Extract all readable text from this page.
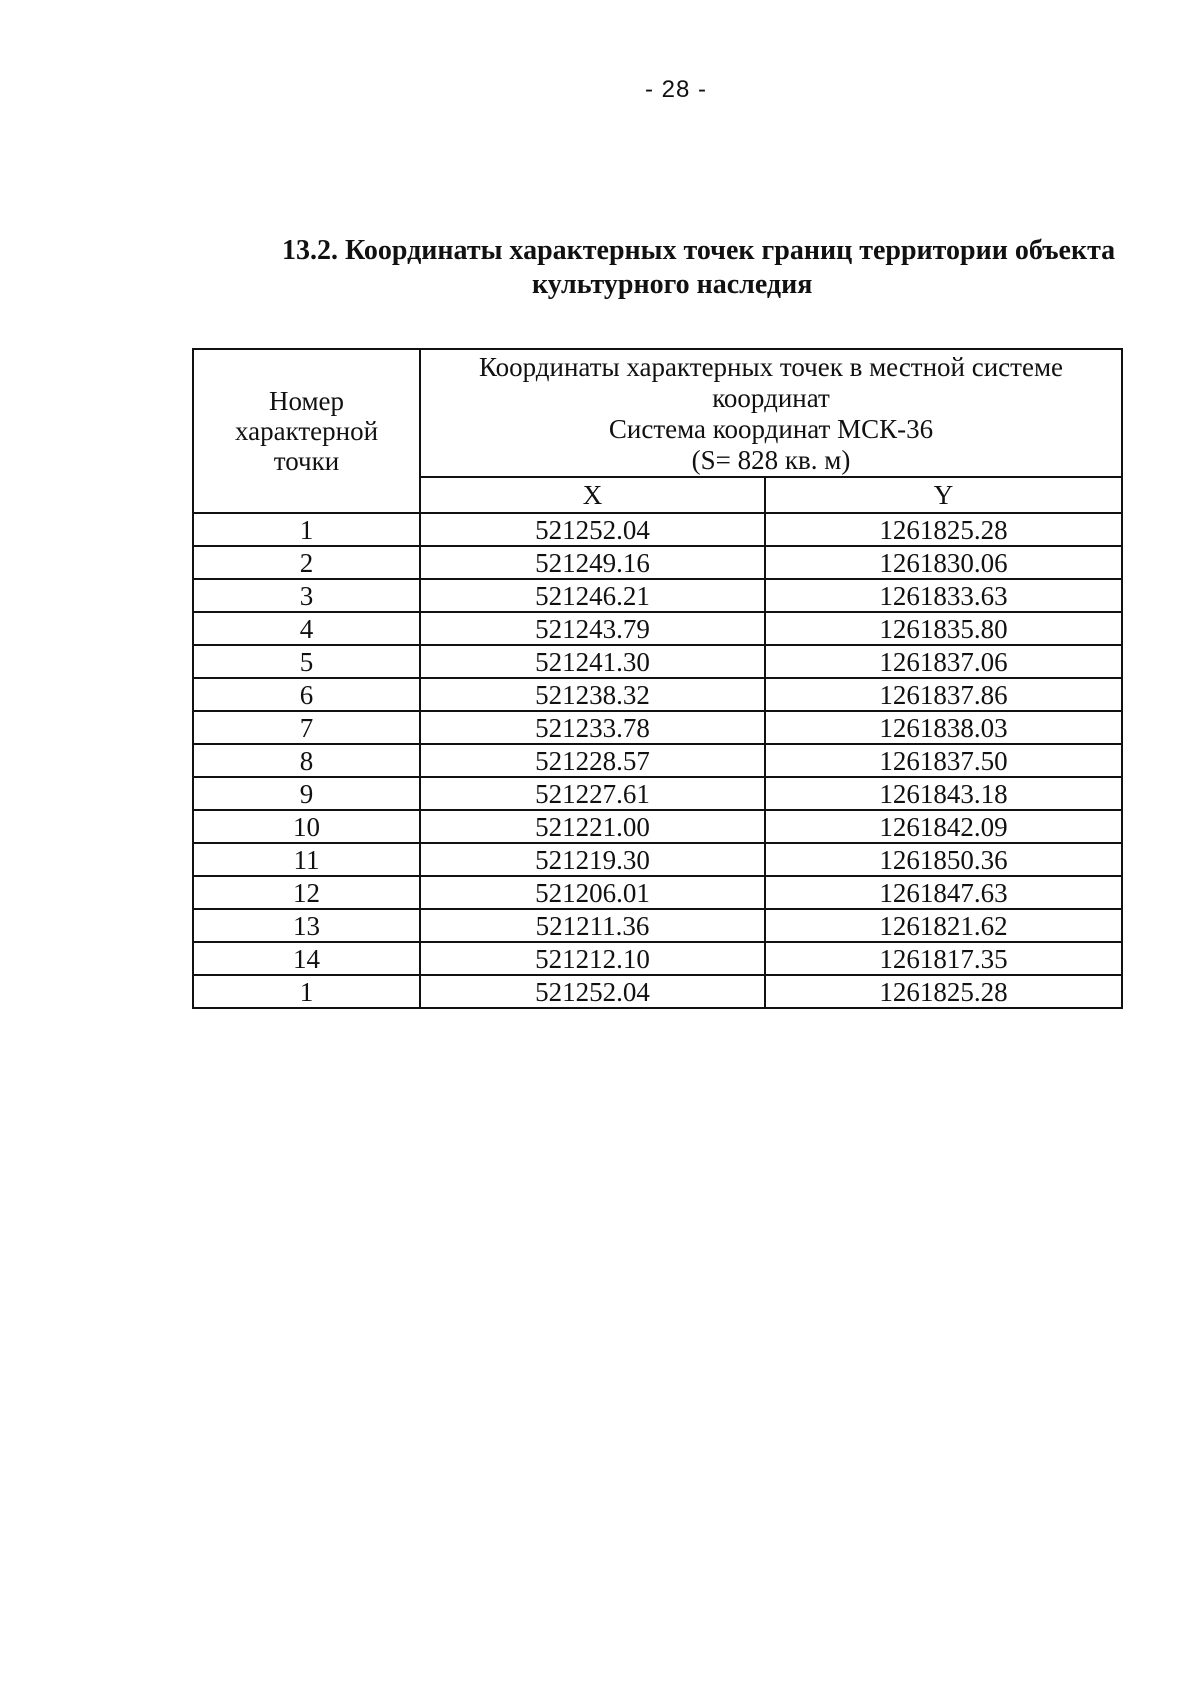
- 28 -
13.2. Координаты характерных точек границ территории объекта
культурного наследия
Номер
характерной
точки	Координаты характерных точек в местной системе
координат
Система координат МСК-36
(S= 828 кв. м)	

	X	Y
1	521252.04	1261825.28
2	521249.16	1261830.06
3	521246.21	1261833.63
4	521243.79	1261835.80
5	521241.30	1261837.06
6	521238.32	1261837.86
7	521233.78	1261838.03
8	521228.57	1261837.50
9	521227.61	1261843.18
10	521221.00	1261842.09
11	521219.30	1261850.36
12	521206.01	1261847.63
13	521211.36	1261821.62
14	521212.10	1261817.35
1	521252.04	1261825.28
